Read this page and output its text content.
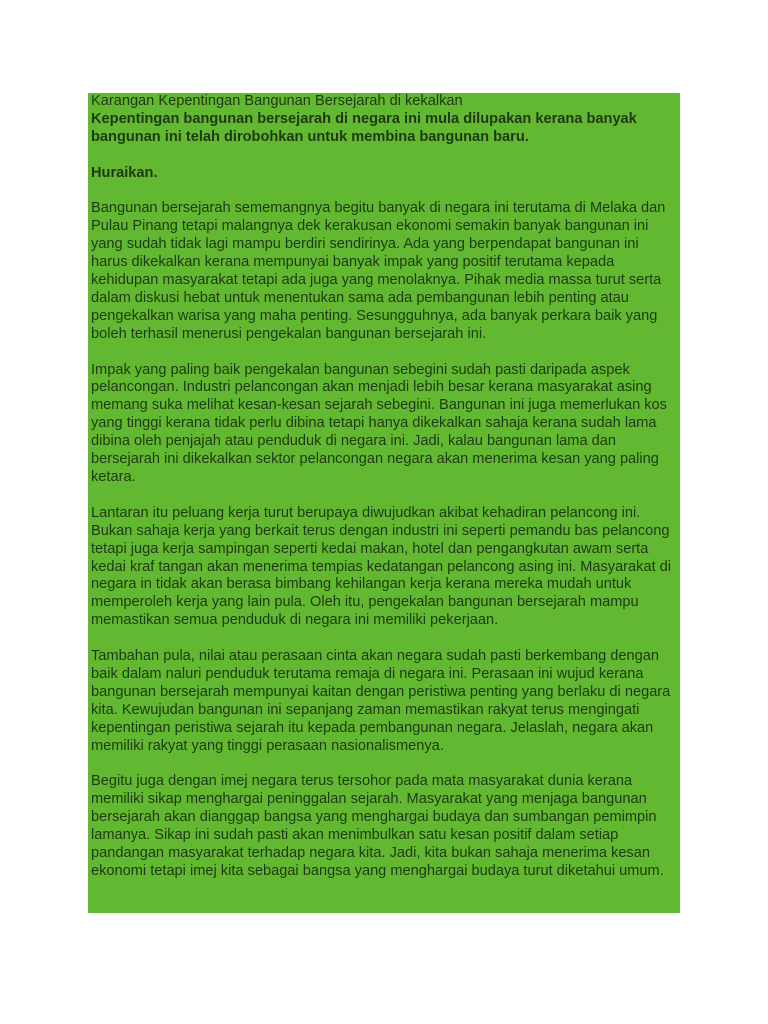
Karangan Kepentingan Bangunan Bersejarah di kekalkan

Kepentingan bangunan bersejarah di negara ini mula dilupakan kerana banyak bangunan ini telah dirobohkan untuk membina bangunan baru.

Huraikan.

Bangunan bersejarah sememangnya begitu banyak di negara ini terutama di Melaka dan Pulau Pinang tetapi malangnya dek kerakusan ekonomi semakin banyak bangunan ini yang sudah tidak lagi mampu berdiri sendirinya. Ada yang berpendapat bangunan ini harus dikekalkan kerana mempunyai banyak impak yang positif terutama kepada kehidupan masyarakat tetapi ada juga yang menolaknya. Pihak media massa turut serta dalam diskusi hebat untuk menentukan sama ada pembangunan lebih penting atau pengekalkan warisa yang maha penting. Sesungguhnya, ada banyak perkara baik yang boleh terhasil menerusi pengekalan bangunan bersejarah ini.

Impak yang paling baik pengekalan bangunan sebegini sudah pasti daripada aspek pelancongan. Industri pelancongan akan menjadi lebih besar kerana masyarakat asing memang suka melihat kesan-kesan sejarah sebegini. Bangunan ini juga memerlukan kos yang tinggi kerana tidak perlu dibina tetapi hanya dikekalkan sahaja kerana sudah lama dibina oleh penjajah atau penduduk di negara ini. Jadi, kalau bangunan lama dan bersejarah ini dikekalkan sektor pelancongan negara akan menerima kesan yang paling ketara.

Lantaran itu peluang kerja turut berupaya diwujudkan akibat kehadiran pelancong ini. Bukan sahaja kerja yang berkait terus dengan industri ini seperti pemandu bas pelancong tetapi juga kerja sampingan seperti kedai makan, hotel dan pengangkutan awam serta kedai kraf tangan akan menerima tempias kedatangan pelancong asing ini. Masyarakat di negara in tidak akan berasa bimbang kehilangan kerja kerana mereka mudah untuk memperoleh kerja yang lain pula. Oleh itu, pengekalan bangunan bersejarah mampu memastikan semua penduduk di negara ini memiliki pekerjaan.

Tambahan pula, nilai atau perasaan cinta akan negara sudah pasti berkembang dengan baik dalam naluri penduduk terutama remaja di negara ini. Perasaan ini wujud kerana bangunan bersejarah mempunyai kaitan dengan peristiwa penting yang berlaku di negara kita. Kewujudan bangunan ini sepanjang zaman memastikan rakyat terus mengingati kepentingan peristiwa sejarah itu kepada pembangunan negara. Jelaslah, negara akan memiliki rakyat yang tinggi perasaan nasionalismenya.

Begitu juga dengan imej negara terus tersohor pada mata masyarakat dunia kerana memiliki sikap menghargai peninggalan sejarah. Masyarakat yang menjaga bangunan bersejarah akan dianggap bangsa yang menghargai budaya dan sumbangan pemimpin lamanya. Sikap ini sudah pasti akan menimbulkan satu kesan positif dalam setiap pandangan masyarakat terhadap negara kita. Jadi, kita bukan sahaja menerima kesan ekonomi tetapi imej kita sebagai bangsa yang menghargai budaya turut diketahui umum.
